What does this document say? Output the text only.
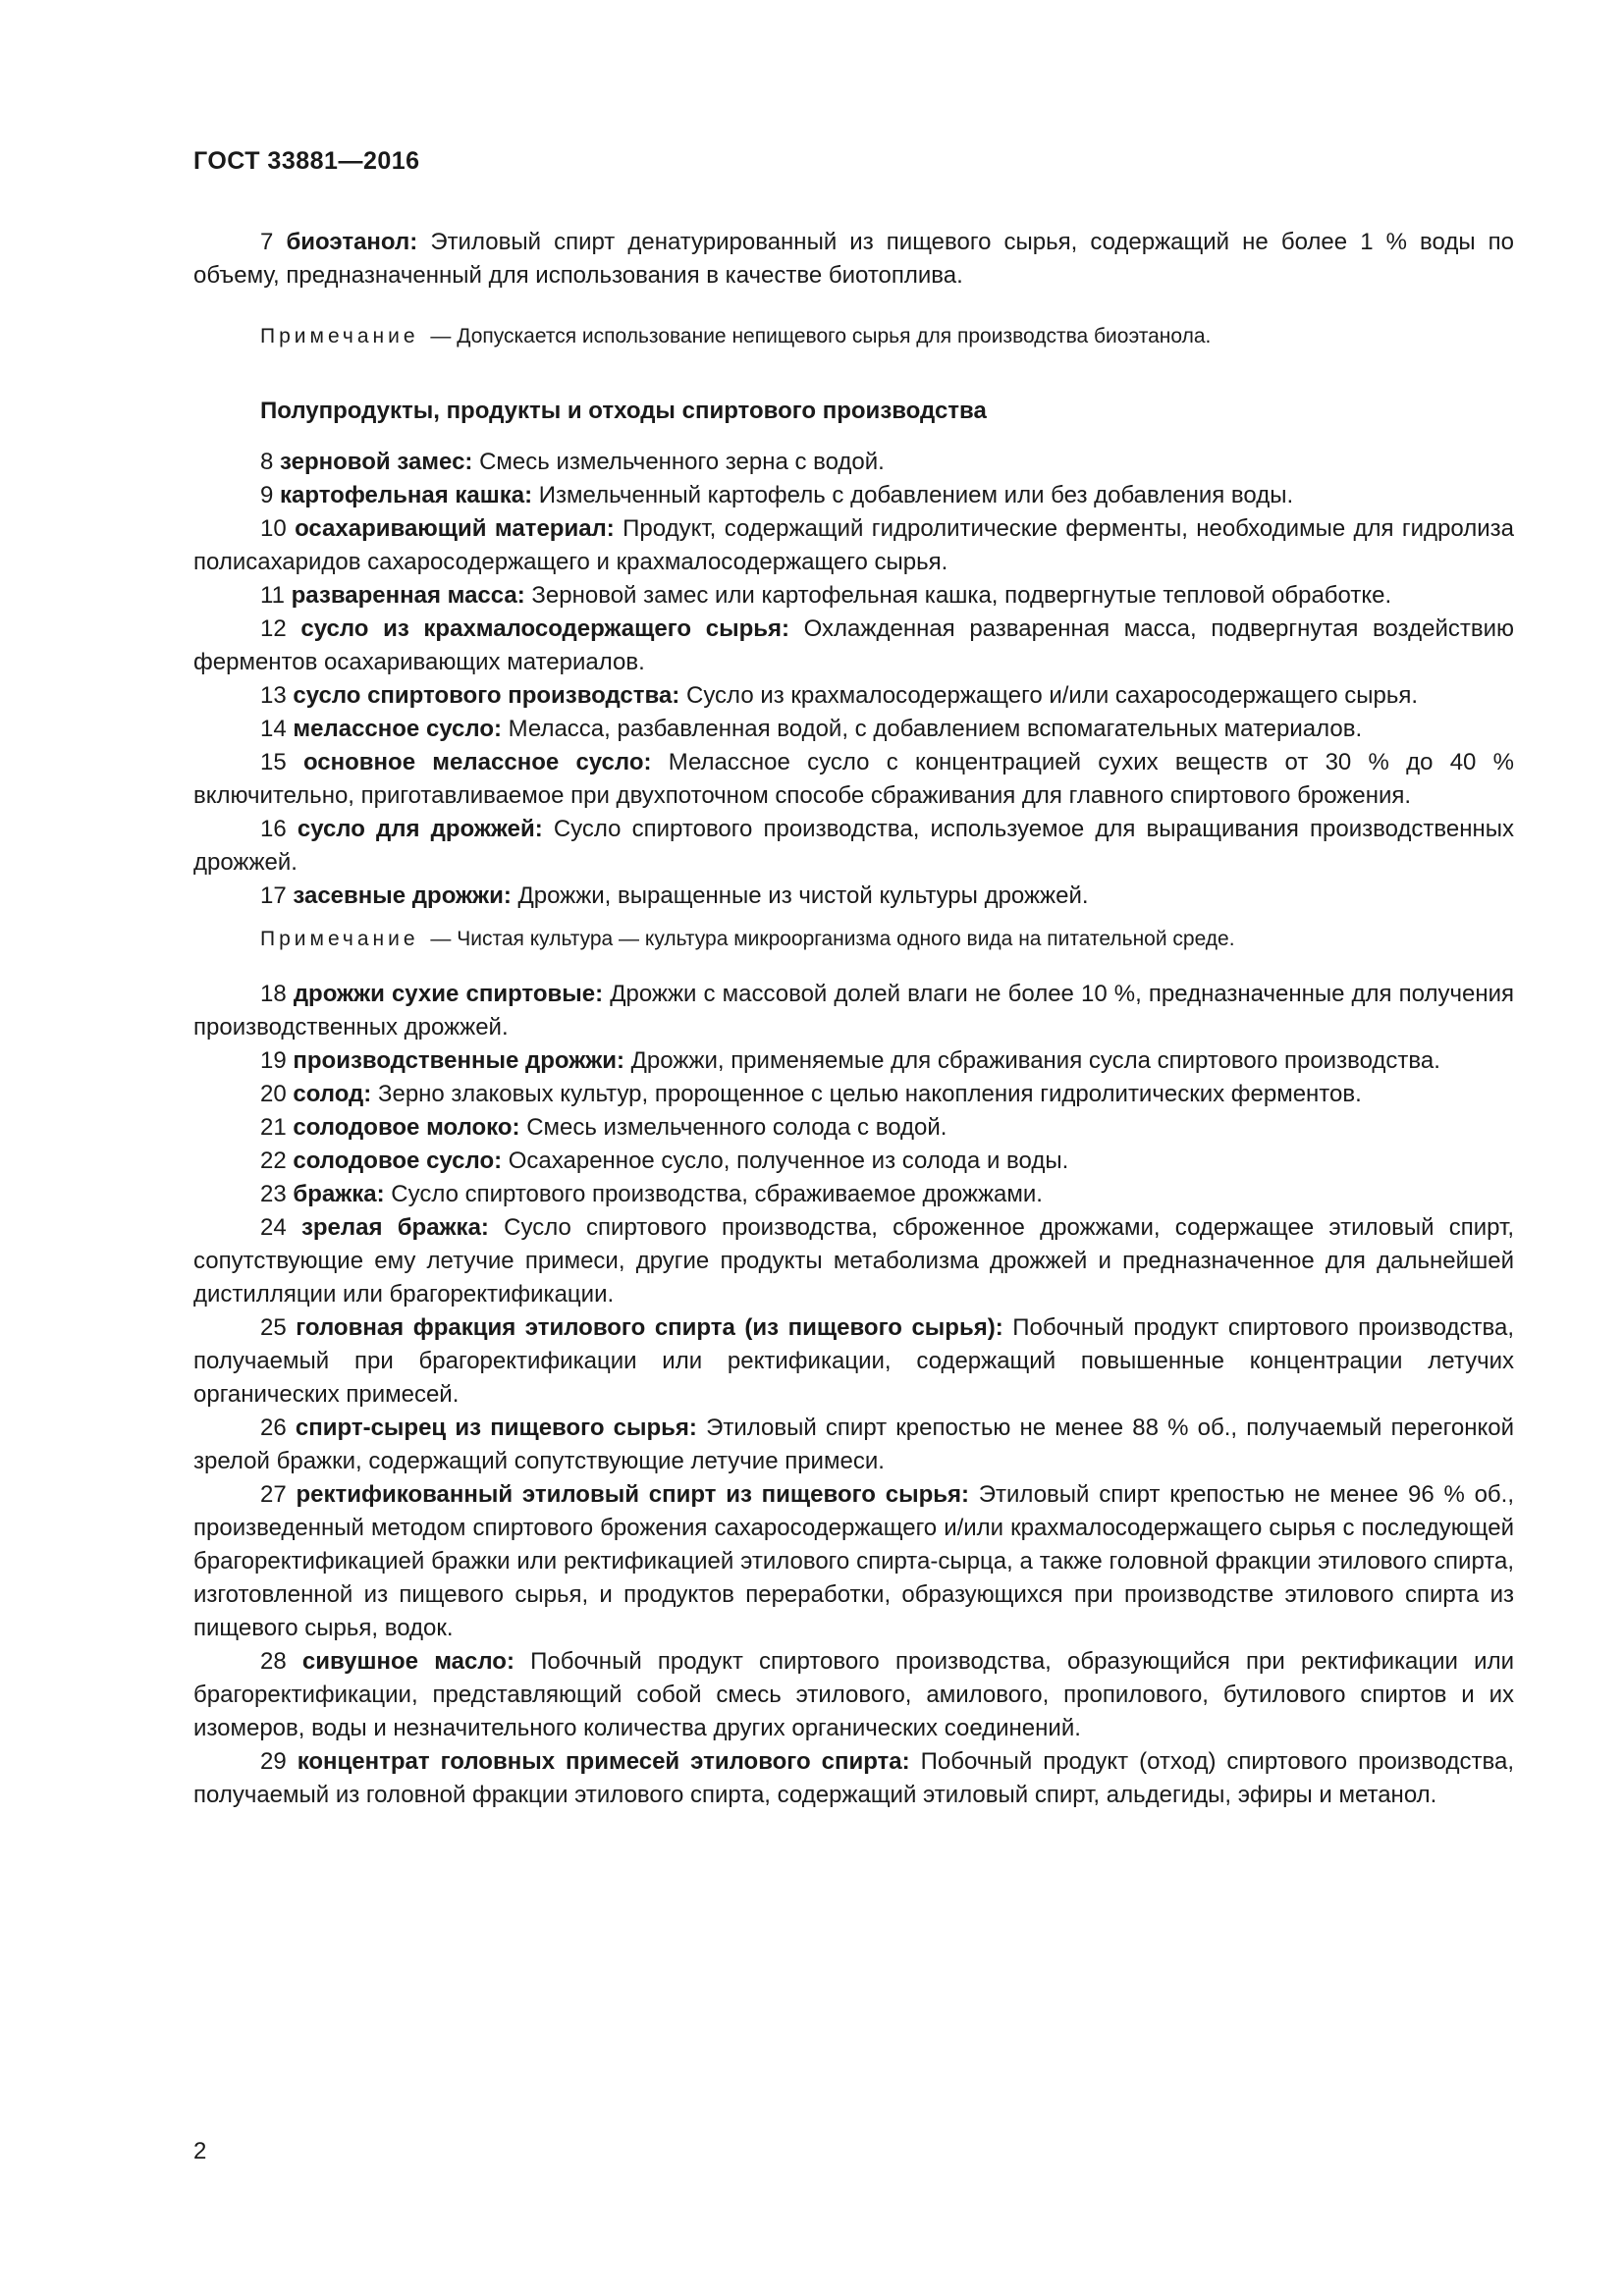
ГОСТ 33881—2016

7 биоэтанол: Этиловый спирт денатурированный из пищевого сырья, содержащий не более 1 % воды по объему, предназначенный для использования в качестве биотоплива.

Примечание — Допускается использование непищевого сырья для производства биоэтанола.

Полупродукты, продукты и отходы спиртового производства

8 зерновой замес: Смесь измельченного зерна с водой.

9 картофельная кашка: Измельченный картофель с добавлением или без добавления воды.

10 осахаривающий материал: Продукт, содержащий гидролитические ферменты, необходимые для гидролиза полисахаридов сахаросодержащего и крахмалосодержащего сырья.

11 разваренная масса: Зерновой замес или картофельная кашка, подвергнутые тепловой обработке.

12 сусло из крахмалосодержащего сырья: Охлажденная разваренная масса, подвергнутая воздействию ферментов осахаривающих материалов.

13 сусло спиртового производства: Сусло из крахмалосодержащего и/или сахаросодержащего сырья.

14 мелассное сусло: Меласса, разбавленная водой, с добавлением вспомагательных материалов.

15 основное мелассное сусло: Мелассное сусло с концентрацией сухих веществ от 30 % до 40 % включительно, приготавливаемое при двухпоточном способе сбраживания для главного спиртового брожения.

16 сусло для дрожжей: Сусло спиртового производства, используемое для выращивания производственных дрожжей.

17 засевные дрожжи: Дрожжи, выращенные из чистой культуры дрожжей.

Примечание — Чистая культура — культура микроорганизма одного вида на питательной среде.

18 дрожжи сухие спиртовые: Дрожжи с массовой долей влаги не более 10 %, предназначенные для получения производственных дрожжей.

19 производственные дрожжи: Дрожжи, применяемые для сбраживания сусла спиртового производства.

20 солод: Зерно злаковых культур, пророщенное с целью накопления гидролитических ферментов.

21 солодовое молоко: Смесь измельченного солода с водой.

22 солодовое сусло: Осахаренное сусло, полученное из солода и воды.

23 бражка: Сусло спиртового производства, сбраживаемое дрожжами.

24 зрелая бражка: Сусло спиртового производства, сброженное дрожжами, содержащее этиловый спирт, сопутствующие ему летучие примеси, другие продукты метаболизма дрожжей и предназначенное для дальнейшей дистилляции или брагоректификации.

25 головная фракция этилового спирта (из пищевого сырья): Побочный продукт спиртового производства, получаемый при брагоректификации или ректификации, содержащий повышенные концентрации летучих органических примесей.

26 спирт-сырец из пищевого сырья: Этиловый спирт крепостью не менее 88 % об., получаемый перегонкой зрелой бражки, содержащий сопутствующие летучие примеси.

27 ректификованный этиловый спирт из пищевого сырья: Этиловый спирт крепостью не менее 96 % об., произведенный методом спиртового брожения сахаросодержащего и/или крахмалосодержащего сырья с последующей брагоректификацией бражки или ректификацией этилового спирта-сырца, а также головной фракции этилового спирта, изготовленной из пищевого сырья, и продуктов переработки, образующихся при производстве этилового спирта из пищевого сырья, водок.

28 сивушное масло: Побочный продукт спиртового производства, образующийся при ректификации или брагоректификации, представляющий собой смесь этилового, амилового, пропилового, бутилового спиртов и их изомеров, воды и незначительного количества других органических соединений.

29 концентрат головных примесей этилового спирта: Побочный продукт (отход) спиртового производства, получаемый из головной фракции этилового спирта, содержащий этиловый спирт, альдегиды, эфиры и метанол.

2
